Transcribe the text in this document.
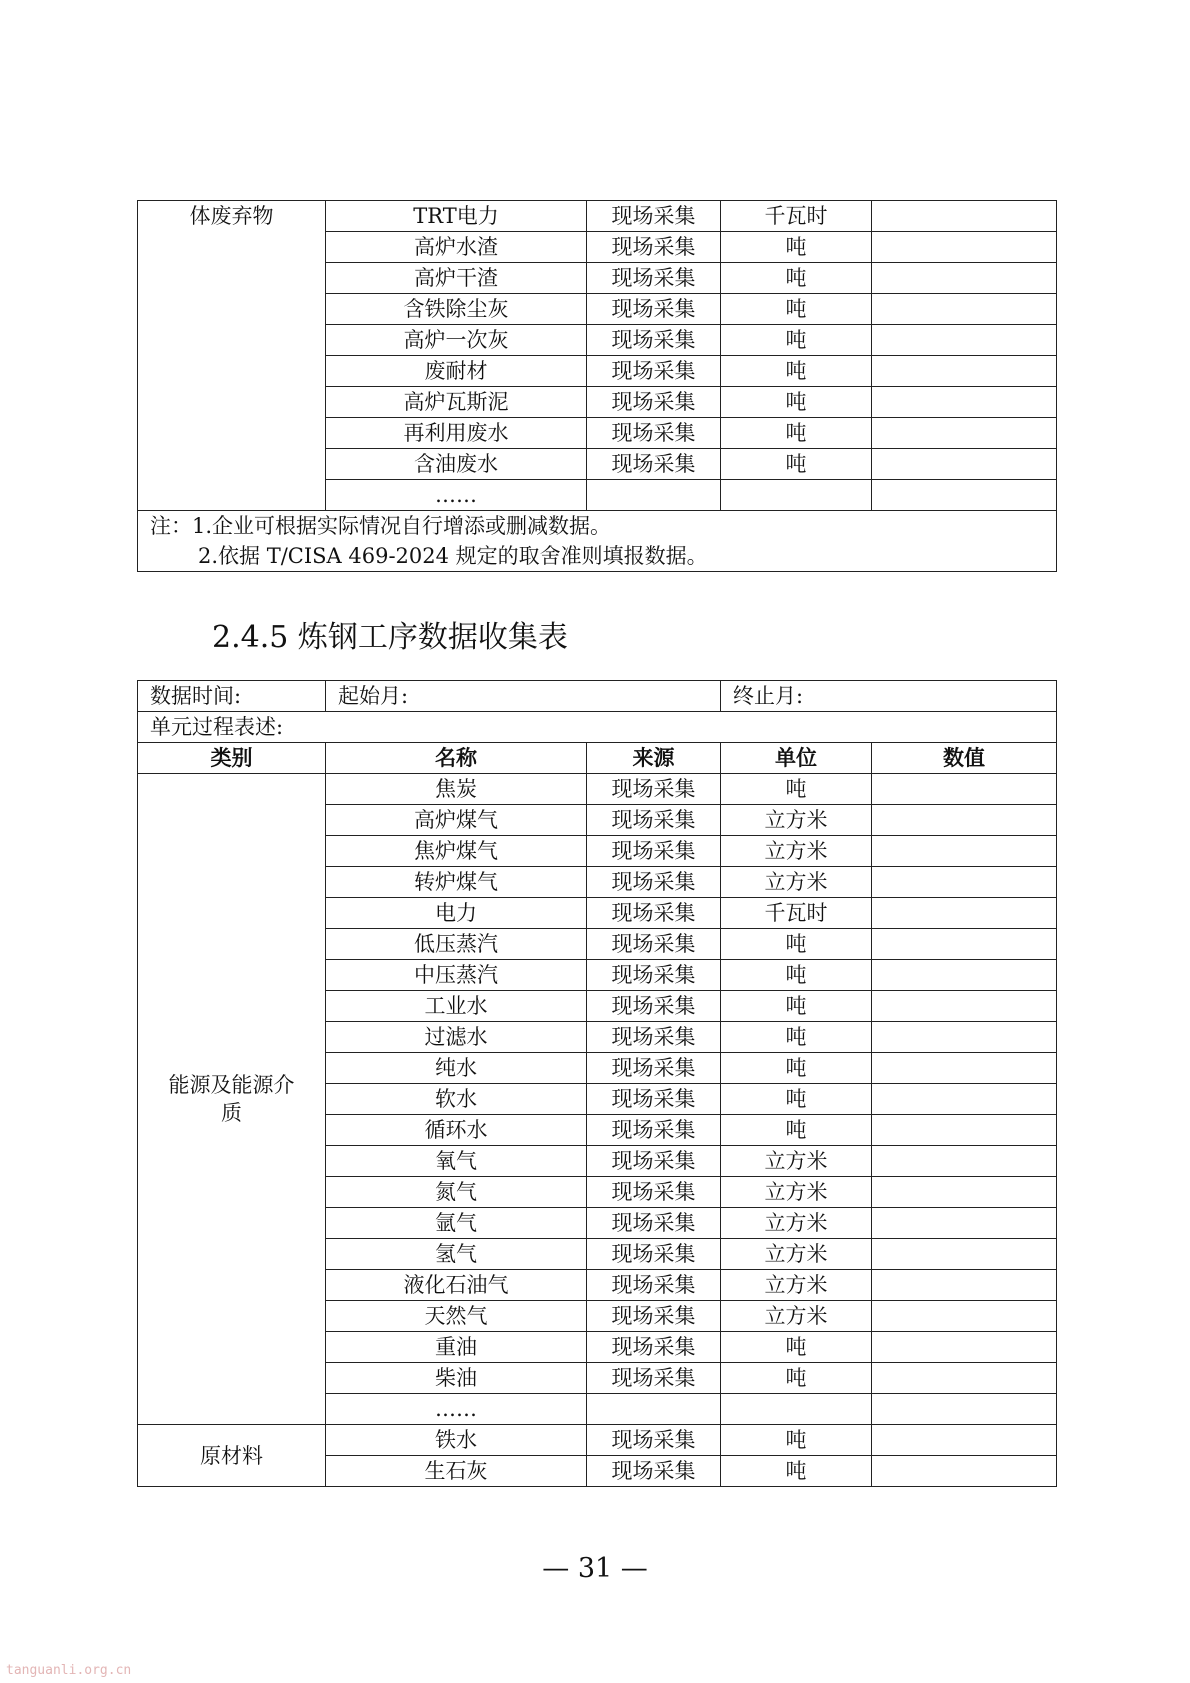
体废弃物	TRT电力	现场采集	千瓦时	
	高炉水渣	现场采集	吨	
	高炉干渣	现场采集	吨	
	含铁除尘灰	现场采集	吨	
	高炉一次灰	现场采集	吨	
	废耐材	现场采集	吨	
	高炉瓦斯泥	现场采集	吨	
	再利用废水	现场采集	吨	
	含油废水	现场采集	吨	
	……			

注：1.企业可根据实际情况自行增添或删减数据。
2.依据 T/CISA 469-2024 规定的取舍准则填报数据。				
2.4.5 炼钢工序数据收集表
数据时间:	起始月:		终止月:	
单元过程表述:				
类别	名称	来源	单位	数值

能源及能源介
质	焦炭	现场采集	吨	
	高炉煤气	现场采集	立方米	
	焦炉煤气	现场采集	立方米	
	转炉煤气	现场采集	立方米	
	电力	现场采集	千瓦时	
	低压蒸汽	现场采集	吨	
	中压蒸汽	现场采集	吨	
	工业水	现场采集	吨	
	过滤水	现场采集	吨	
	纯水	现场采集	吨	
	软水	现场采集	吨	
	循环水	现场采集	吨	
	氧气	现场采集	立方米	
	氮气	现场采集	立方米	
	氩气	现场采集	立方米	
	氢气	现场采集	立方米	
	液化石油气	现场采集	立方米	
	天然气	现场采集	立方米	
	重油	现场采集	吨	
	柴油	现场采集	吨	
	……			
原材料	铁水	现场采集	吨	
	生石灰	现场采集	吨	
— 31 —
tanguanli.org.cn
